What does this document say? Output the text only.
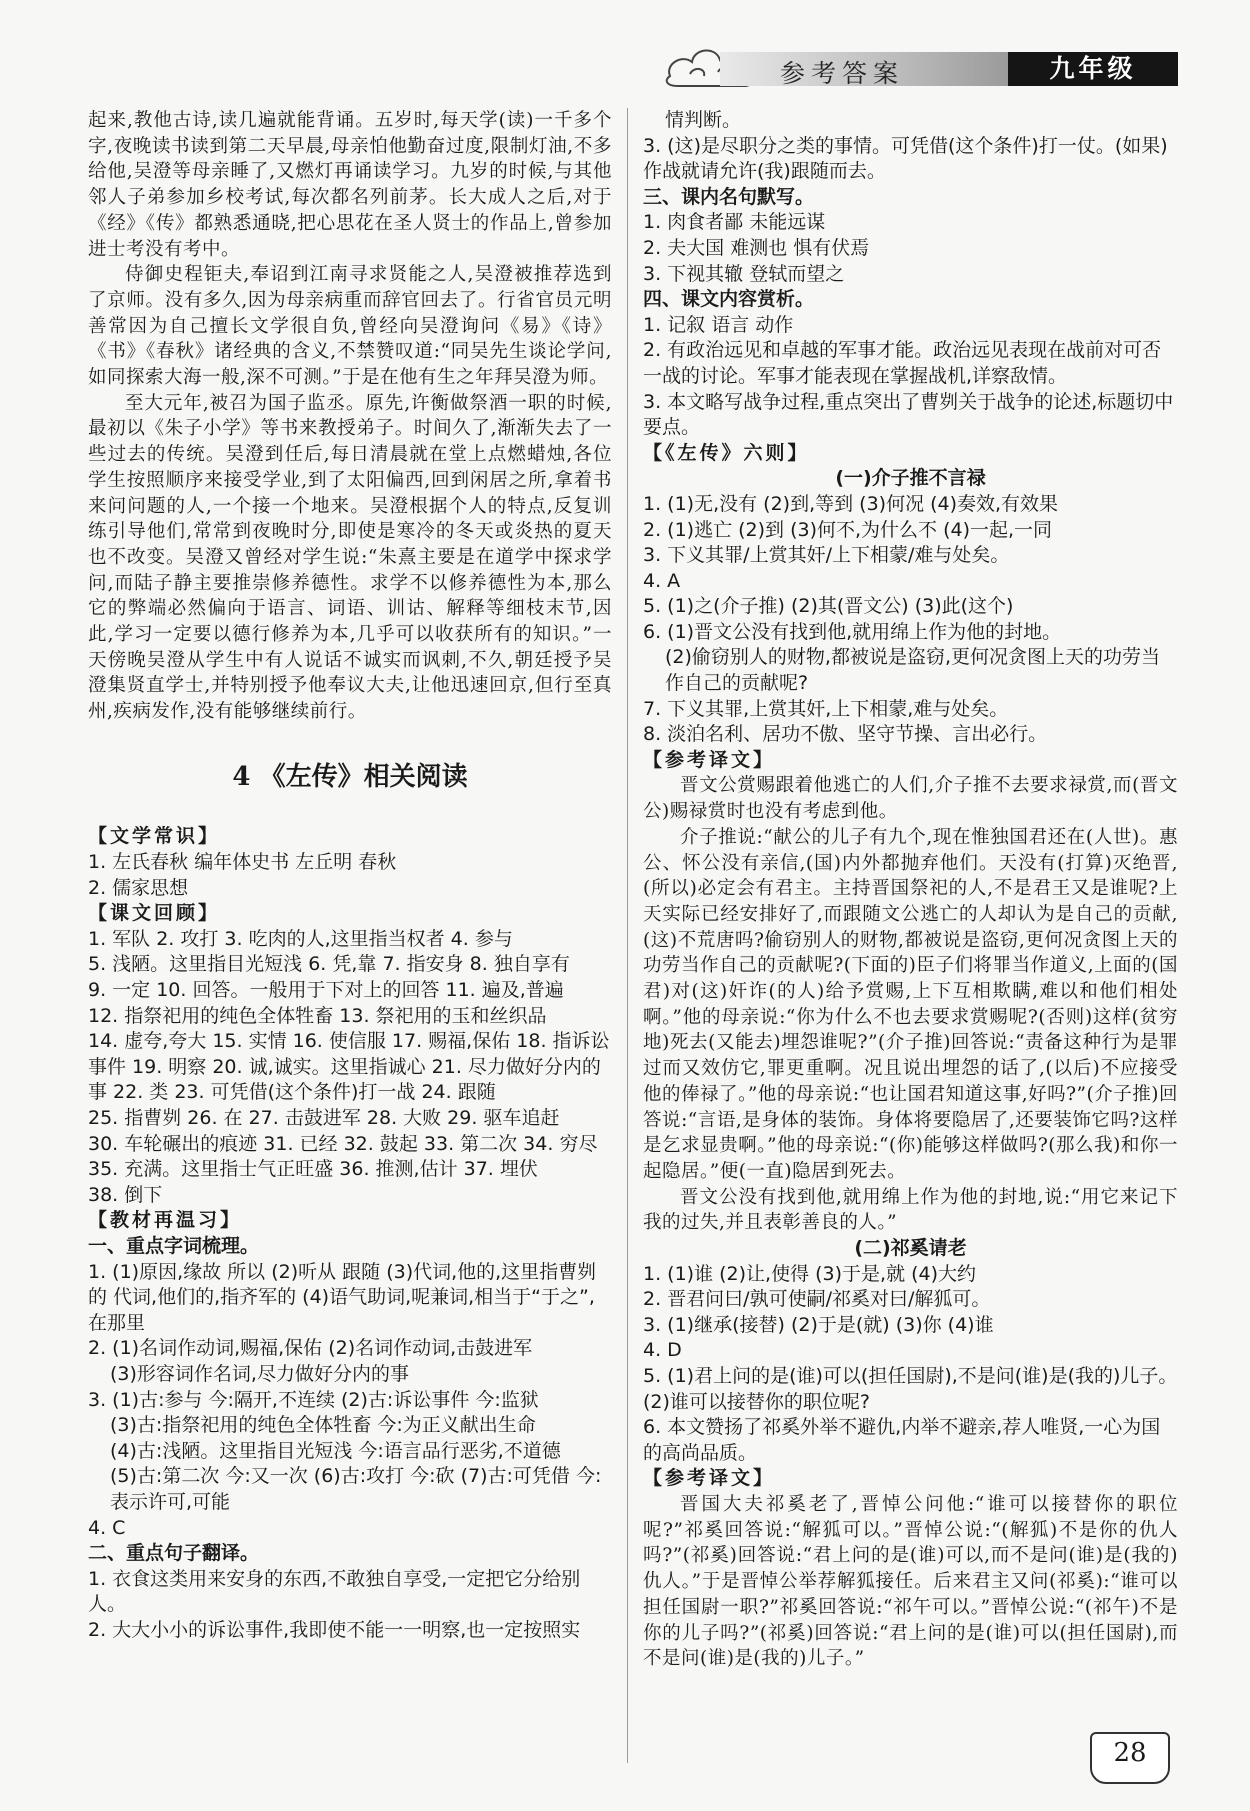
参考答案	九年级

起来,教他古诗,读几遍就能背诵。五岁时,每天学(读)一千多个字,夜晚读书读到第二天早晨,母亲怕他勤奋过度,限制灯油,不多给他,吴澄等母亲睡了,又燃灯再诵读学习。九岁的时候,与其他邻人子弟参加乡校考试,每次都名列前茅。长大成人之后,对于《经》《传》都熟悉通晓,把心思花在圣人贤士的作品上,曾参加进士考没有考中。

侍御史程钜夫,奉诏到江南寻求贤能之人,吴澄被推荐选到了京师。没有多久,因为母亲病重而辞官回去了。行省官员元明善常因为自己擅长文学很自负,曾经向吴澄询问《易》《诗》《书》《春秋》诸经典的含义,不禁赞叹道:“同吴先生谈论学问,如同探索大海一般,深不可测。”于是在他有生之年拜吴澄为师。

至大元年,被召为国子监丞。原先,许衡做祭酒一职的时候,最初以《朱子小学》等书来教授弟子。时间久了,渐渐失去了一些过去的传统。吴澄到任后,每日清晨就在堂上点燃蜡烛,各位学生按照顺序来接受学业,到了太阳偏西,回到闲居之所,拿着书来问问题的人,一个接一个地来。吴澄根据个人的特点,反复训练引导他们,常常到夜晚时分,即使是寒冷的冬天或炎热的夏天也不改变。吴澄又曾经对学生说:“朱熹主要是在道学中探求学问,而陆子静主要推崇修养德性。求学不以修养德性为本,那么它的弊端必然偏向于语言、词语、训诂、解释等细枝末节,因此,学习一定要以德行修养为本,几乎可以收获所有的知识。”一天傍晚吴澄从学生中有人说话不诚实而讽刺,不久,朝廷授予吴澄集贤直学士,并特别授予他奉议大夫,让他迅速回京,但行至真州,疾病发作,没有能够继续前行。

4 《左传》相关阅读

【文学常识】

1. 左氏春秋 编年体史书 左丘明 春秋

2. 儒家思想

【课文回顾】

1. 军队 2. 攻打 3. 吃肉的人,这里指当权者 4. 参与

5. 浅陋。这里指目光短浅 6. 凭,靠 7. 指安身 8. 独自享有

9. 一定 10. 回答。一般用于下对上的回答 11. 遍及,普遍

12. 指祭祀用的纯色全体牲畜 13. 祭祀用的玉和丝织品

14. 虚夸,夸大 15. 实情 16. 使信服 17. 赐福,保佑 18. 指诉讼事件 19. 明察 20. 诚,诚实。这里指诚心 21. 尽力做好分内的事 22. 类 23. 可凭借(这个条件)打一战 24. 跟随

25. 指曹刿 26. 在 27. 击鼓进军 28. 大败 29. 驱车追赶

30. 车轮碾出的痕迹 31. 已经 32. 鼓起 33. 第二次 34. 穷尽 35. 充满。这里指士气正旺盛 36. 推测,估计 37. 埋伏

38. 倒下

【教材再温习】

一、重点字词梳理。

1. (1)原因,缘故 所以 (2)听从 跟随 (3)代词,他的,这里指曹刿的 代词,他们的,指齐军的 (4)语气助词,呢兼词,相当于“于之”,在那里

2. (1)名词作动词,赐福,保佑 (2)名词作动词,击鼓进军

(3)形容词作名词,尽力做好分内的事

3. (1)古:参与 今:隔开,不连续 (2)古:诉讼事件 今:监狱

(3)古:指祭祀用的纯色全体牲畜 今:为正义献出生命

(4)古:浅陋。这里指目光短浅 今:语言品行恶劣,不道德

(5)古:第二次 今:又一次 (6)古:攻打 今:砍 (7)古:可凭借 今:表示许可,可能

4. C

二、重点句子翻译。

1. 衣食这类用来安身的东西,不敢独自享受,一定把它分给别人。

2. 大大小小的诉讼事件,我即使不能一一明察,也一定按照实

情判断。

3. (这)是尽职分之类的事情。可凭借(这个条件)打一仗。(如果)作战就请允许(我)跟随而去。

三、课内名句默写。

1. 肉食者鄙 未能远谋

2. 夫大国 难测也 惧有伏焉

3. 下视其辙 登轼而望之

四、课文内容赏析。

1. 记叙 语言 动作

2. 有政治远见和卓越的军事才能。政治远见表现在战前对可否一战的讨论。军事才能表现在掌握战机,详察敌情。

3. 本文略写战争过程,重点突出了曹刿关于战争的论述,标题切中要点。

【《左传》六则】

(一)介子推不言禄

1. (1)无,没有 (2)到,等到 (3)何况 (4)奏效,有效果

2. (1)逃亡 (2)到 (3)何不,为什么不 (4)一起,一同

3. 下义其罪/上赏其奸/上下相蒙/难与处矣。

4. A

5. (1)之(介子推) (2)其(晋文公) (3)此(这个)

6. (1)晋文公没有找到他,就用绵上作为他的封地。

(2)偷窃别人的财物,都被说是盗窃,更何况贪图上天的功劳当作自己的贡献呢?

7. 下义其罪,上赏其奸,上下相蒙,难与处矣。

8. 淡泊名利、居功不傲、坚守节操、言出必行。

【参考译文】

晋文公赏赐跟着他逃亡的人们,介子推不去要求禄赏,而(晋文公)赐禄赏时也没有考虑到他。

介子推说:“献公的儿子有九个,现在惟独国君还在(人世)。惠公、怀公没有亲信,(国)内外都抛弃他们。天没有(打算)灭绝晋,(所以)必定会有君主。主持晋国祭祀的人,不是君王又是谁呢?上天实际已经安排好了,而跟随文公逃亡的人却认为是自己的贡献,(这)不荒唐吗?偷窃别人的财物,都被说是盗窃,更何况贪图上天的功劳当作自己的贡献呢?(下面的)臣子们将罪当作道义,上面的(国君)对(这)奸诈(的人)给予赏赐,上下互相欺瞒,难以和他们相处啊。”他的母亲说:“你为什么不也去要求赏赐呢?(否则)这样(贫穷地)死去(又能去)埋怨谁呢?”(介子推)回答说:“责备这种行为是罪过而又效仿它,罪更重啊。况且说出埋怨的话了,(以后)不应接受他的俸禄了。”他的母亲说:“也让国君知道这事,好吗?”(介子推)回答说:“言语,是身体的装饰。身体将要隐居了,还要装饰它吗?这样是乞求显贵啊。”他的母亲说:“(你)能够这样做吗?(那么我)和你一起隐居。”便(一直)隐居到死去。

晋文公没有找到他,就用绵上作为他的封地,说:“用它来记下我的过失,并且表彰善良的人。”

(二)祁奚请老

1. (1)谁 (2)让,使得 (3)于是,就 (4)大约

2. 晋君问曰/孰可使嗣/祁奚对曰/解狐可。

3. (1)继承(接替) (2)于是(就) (3)你 (4)谁

4. D

5. (1)君上问的是(谁)可以(担任国尉),不是问(谁)是(我的)儿子。 (2)谁可以接替你的职位呢?

6. 本文赞扬了祁奚外举不避仇,内举不避亲,荐人唯贤,一心为国的高尚品质。

【参考译文】

晋国大夫祁奚老了,晋悼公问他:“谁可以接替你的职位呢?”祁奚回答说:“解狐可以。”晋悼公说:“(解狐)不是你的仇人吗?”(祁奚)回答说:“君上问的是(谁)可以,而不是问(谁)是(我的)仇人。”于是晋悼公举荐解狐接任。后来君主又问(祁奚):“谁可以担任国尉一职?”祁奚回答说:“祁午可以。”晋悼公说:“(祁午)不是你的儿子吗?”(祁奚)回答说:“君上问的是(谁)可以(担任国尉),而不是问(谁)是(我的)儿子。”

28
